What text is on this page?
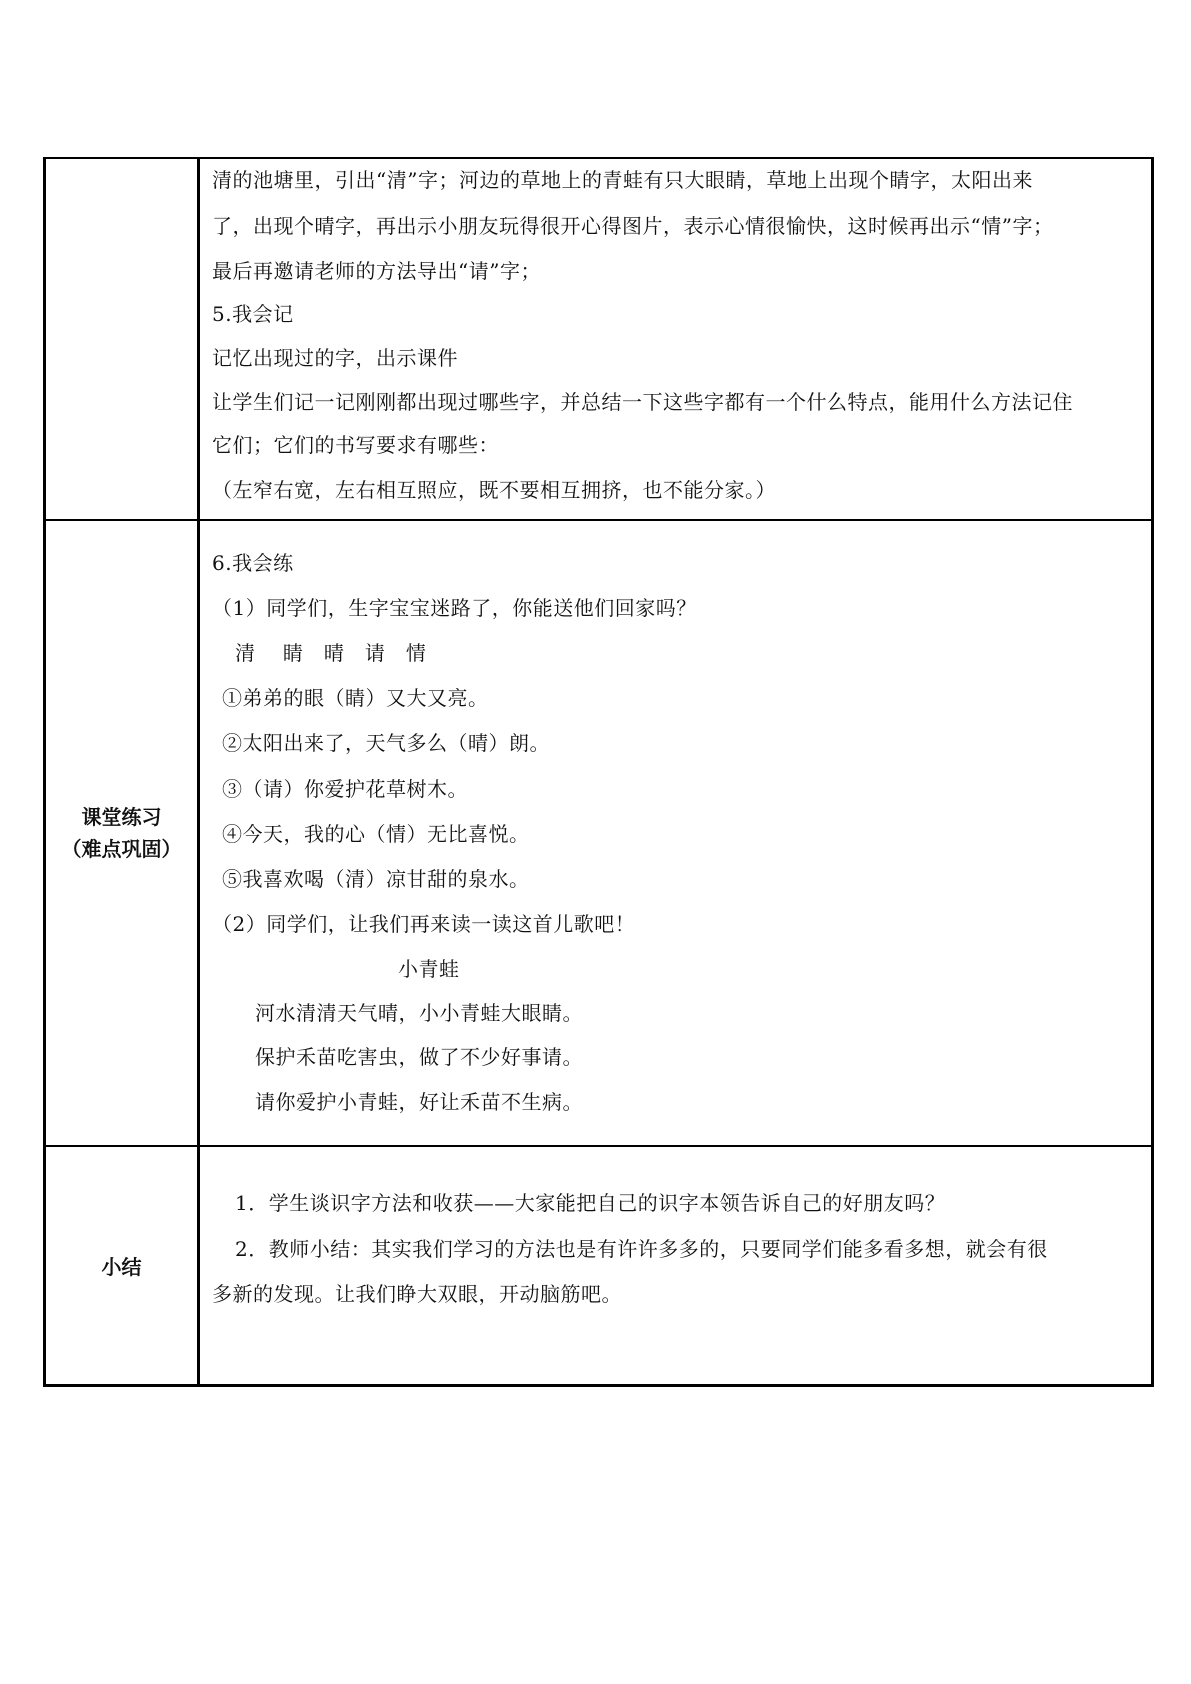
清的池塘里，引出“清”字；河边的草地上的青蛙有只大眼睛，草地上出现个睛字，太阳出来
了，出现个晴字，再出示小朋友玩得很开心得图片，表示心情很愉快，这时候再出示“情”字；
最后再邀请老师的方法导出“请”字；
5.我会记
记忆出现过的字，出示课件
让学生们记一记刚刚都出现过哪些字，并总结一下这些字都有一个什么特点，能用什么方法记住
它们；它们的书写要求有哪些：
（左窄右宽，左右相互照应，既不要相互拥挤，也不能分家。）
课堂练习
（难点巩固）
6.我会练
（1）同学们，生字宝宝迷路了，你能送他们回家吗？
清　 睛　晴　请　情
①弟弟的眼（睛）又大又亮。
②太阳出来了，天气多么（晴）朗。
③（请）你爱护花草树木。
④今天，我的心（情）无比喜悦。
⑤我喜欢喝（清）凉甘甜的泉水。
（2）同学们，让我们再来读一读这首儿歌吧！
小青蛙
河水清清天气晴，小小青蛙大眼睛。
保护禾苗吃害虫，做了不少好事请。
请你爱护小青蛙，好让禾苗不生病。
小结
1．学生谈识字方法和收获——大家能把自己的识字本领告诉自己的好朋友吗？
2．教师小结：其实我们学习的方法也是有许许多多的，只要同学们能多看多想，就会有很
多新的发现。让我们睁大双眼，开动脑筋吧。
